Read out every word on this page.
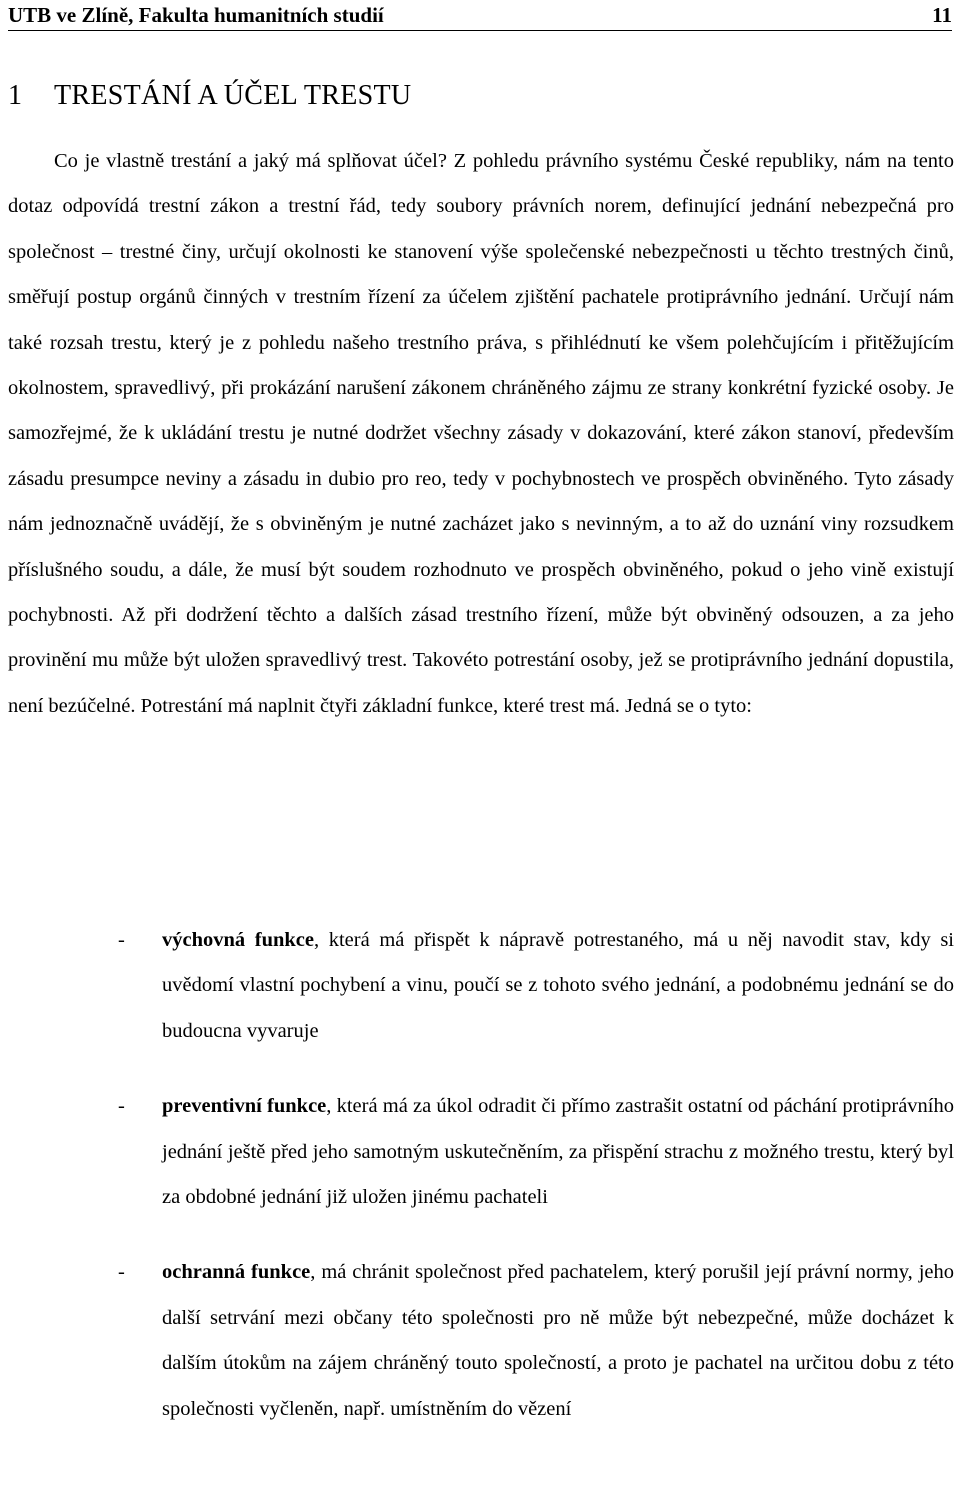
UTB ve Zlíně, Fakulta humanitních studií	11
1 TRESTÁNÍ A ÚČEL TRESTU

Co je vlastně trestání a jaký má splňovat účel? Z pohledu právního systému České republiky, nám na tento dotaz odpovídá trestní zákon a trestní řád, tedy soubory právních norem, definující jednání nebezpečná pro společnost – trestné činy, určují okolnosti ke stanovení výše společenské nebezpečnosti u těchto trestných činů, směřují postup orgánů činných v trestním řízení za účelem zjištění pachatele protiprávního jednání. Určují nám také rozsah trestu, který je z pohledu našeho trestního práva, s přihlédnutí ke všem polehčujícím i přitěžujícím okolnostem, spravedlivý, při prokázání narušení zákonem chráněného zájmu ze strany konkrétní fyzické osoby. Je samozřejmé, že k ukládání trestu je nutné dodržet všechny zásady v dokazování, které zákon stanoví, především zásadu presumpce neviny a zásadu in dubio pro reo, tedy v pochybnostech ve prospěch obviněného. Tyto zásady nám jednoznačně uvádějí, že s obviněným je nutné zacházet jako s nevinným, a to až do uznání viny rozsudkem příslušného soudu, a dále, že musí být soudem rozhodnuto ve prospěch obviněného, pokud o jeho vině existují pochybnosti. Až při dodržení těchto a dalších zásad trestního řízení, může být obviněný odsouzen, a za jeho provinění mu může být uložen spravedlivý trest. Takovéto potrestání osoby, jež se protiprávního jednání dopustila, není bezúčelné. Potrestání má naplnit čtyři základní funkce, které trest má. Jedná se o tyto:

- výchovná funkce, která má přispět k nápravě potrestaného, má u něj navodit stav, kdy si uvědomí vlastní pochybení a vinu, poučí se z tohoto svého jednání, a podobnému jednání se do budoucna vyvaruje
- preventivní funkce, která má za úkol odradit či přímo zastrašit ostatní od páchání protiprávního jednání ještě před jeho samotným uskutečněním, za přispění strachu z možného trestu, který byl za obdobné jednání již uložen jinému pachateli
- ochranná funkce, má chránit společnost před pachatelem, který porušil její právní normy, jeho další setrvání mezi občany této společnosti pro ně může být nebezpečné, může docházet k dalším útokům na zájem chráněný touto společností, a proto je pachatel na určitou dobu z této společnosti vyčleněn, např. umístněním do vězení
